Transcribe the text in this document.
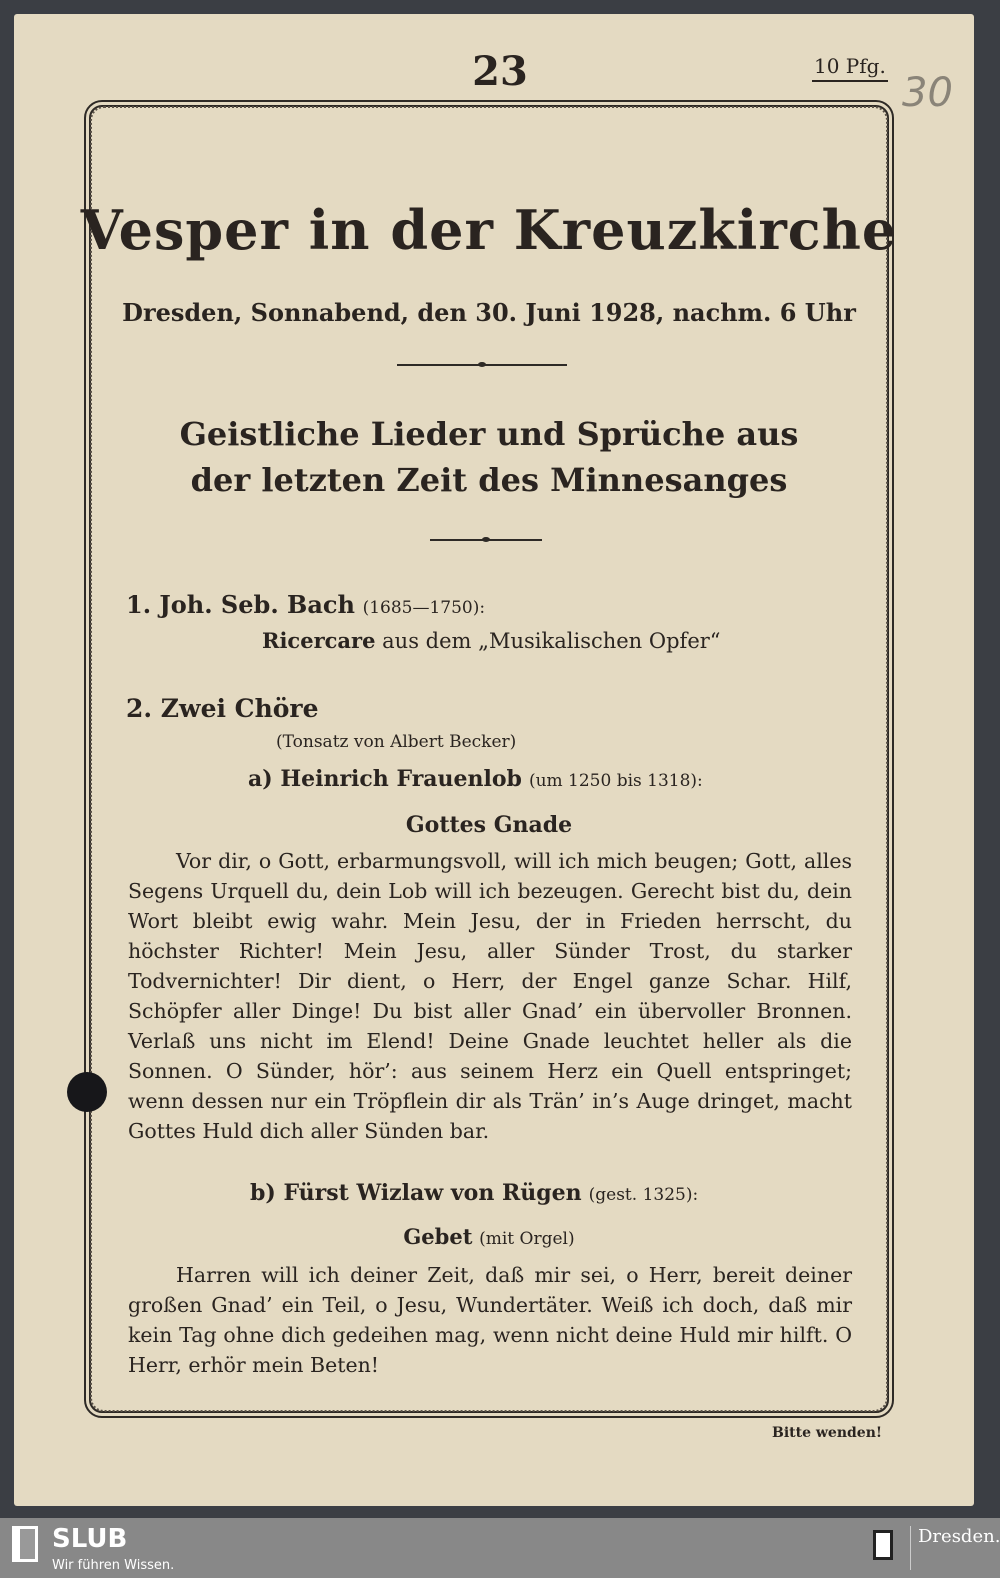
23	10 Pfg.
30
Vesper in der Kreuzkirche
Dresden, Sonnabend, den 30. Juni 1928, nachm. 6 Uhr
Geistliche Lieder und Sprüche aus
der letzten Zeit des Minnesanges
1. Joh. Seb. Bach (1685—1750):
Ricercare aus dem „Musikalischen Opfer“
2. Zwei Chöre
(Tonsatz von Albert Becker)
a) Heinrich Frauenlob (um 1250 bis 1318):
Gottes Gnade
Vor dir, o Gott, erbarmungsvoll, will ich mich beugen; Gott, alles Segens Urquell du, dein Lob will ich bezeugen. Gerecht bist du, dein Wort bleibt ewig wahr. Mein Jesu, der in Frieden herrscht, du höchster Richter! Mein Jesu, aller Sünder Trost, du starker Todvernichter! Dir dient, o Herr, der Engel ganze Schar. Hilf, Schöpfer aller Dinge! Du bist aller Gnad’ ein übervoller Bronnen. Verlaß uns nicht im Elend! Deine Gnade leuchtet heller als die Sonnen. O Sünder, hör’: aus seinem Herz ein Quell entspringet; wenn dessen nur ein Tröpflein dir als Trän’ in’s Auge dringet, macht Gottes Huld dich aller Sünden bar.
b) Fürst Wizlaw von Rügen (gest. 1325):
Gebet (mit Orgel)
Harren will ich deiner Zeit, daß mir sei, o Herr, bereit deiner großen Gnad’ ein Teil, o Jesu, Wundertäter. Weiß ich doch, daß mir kein Tag ohne dich gedeihen mag, wenn nicht deine Huld mir hilft. O Herr, erhör mein Beten!
Bitte wenden!
SLUB
Wir führen Wissen.
Dresden.
